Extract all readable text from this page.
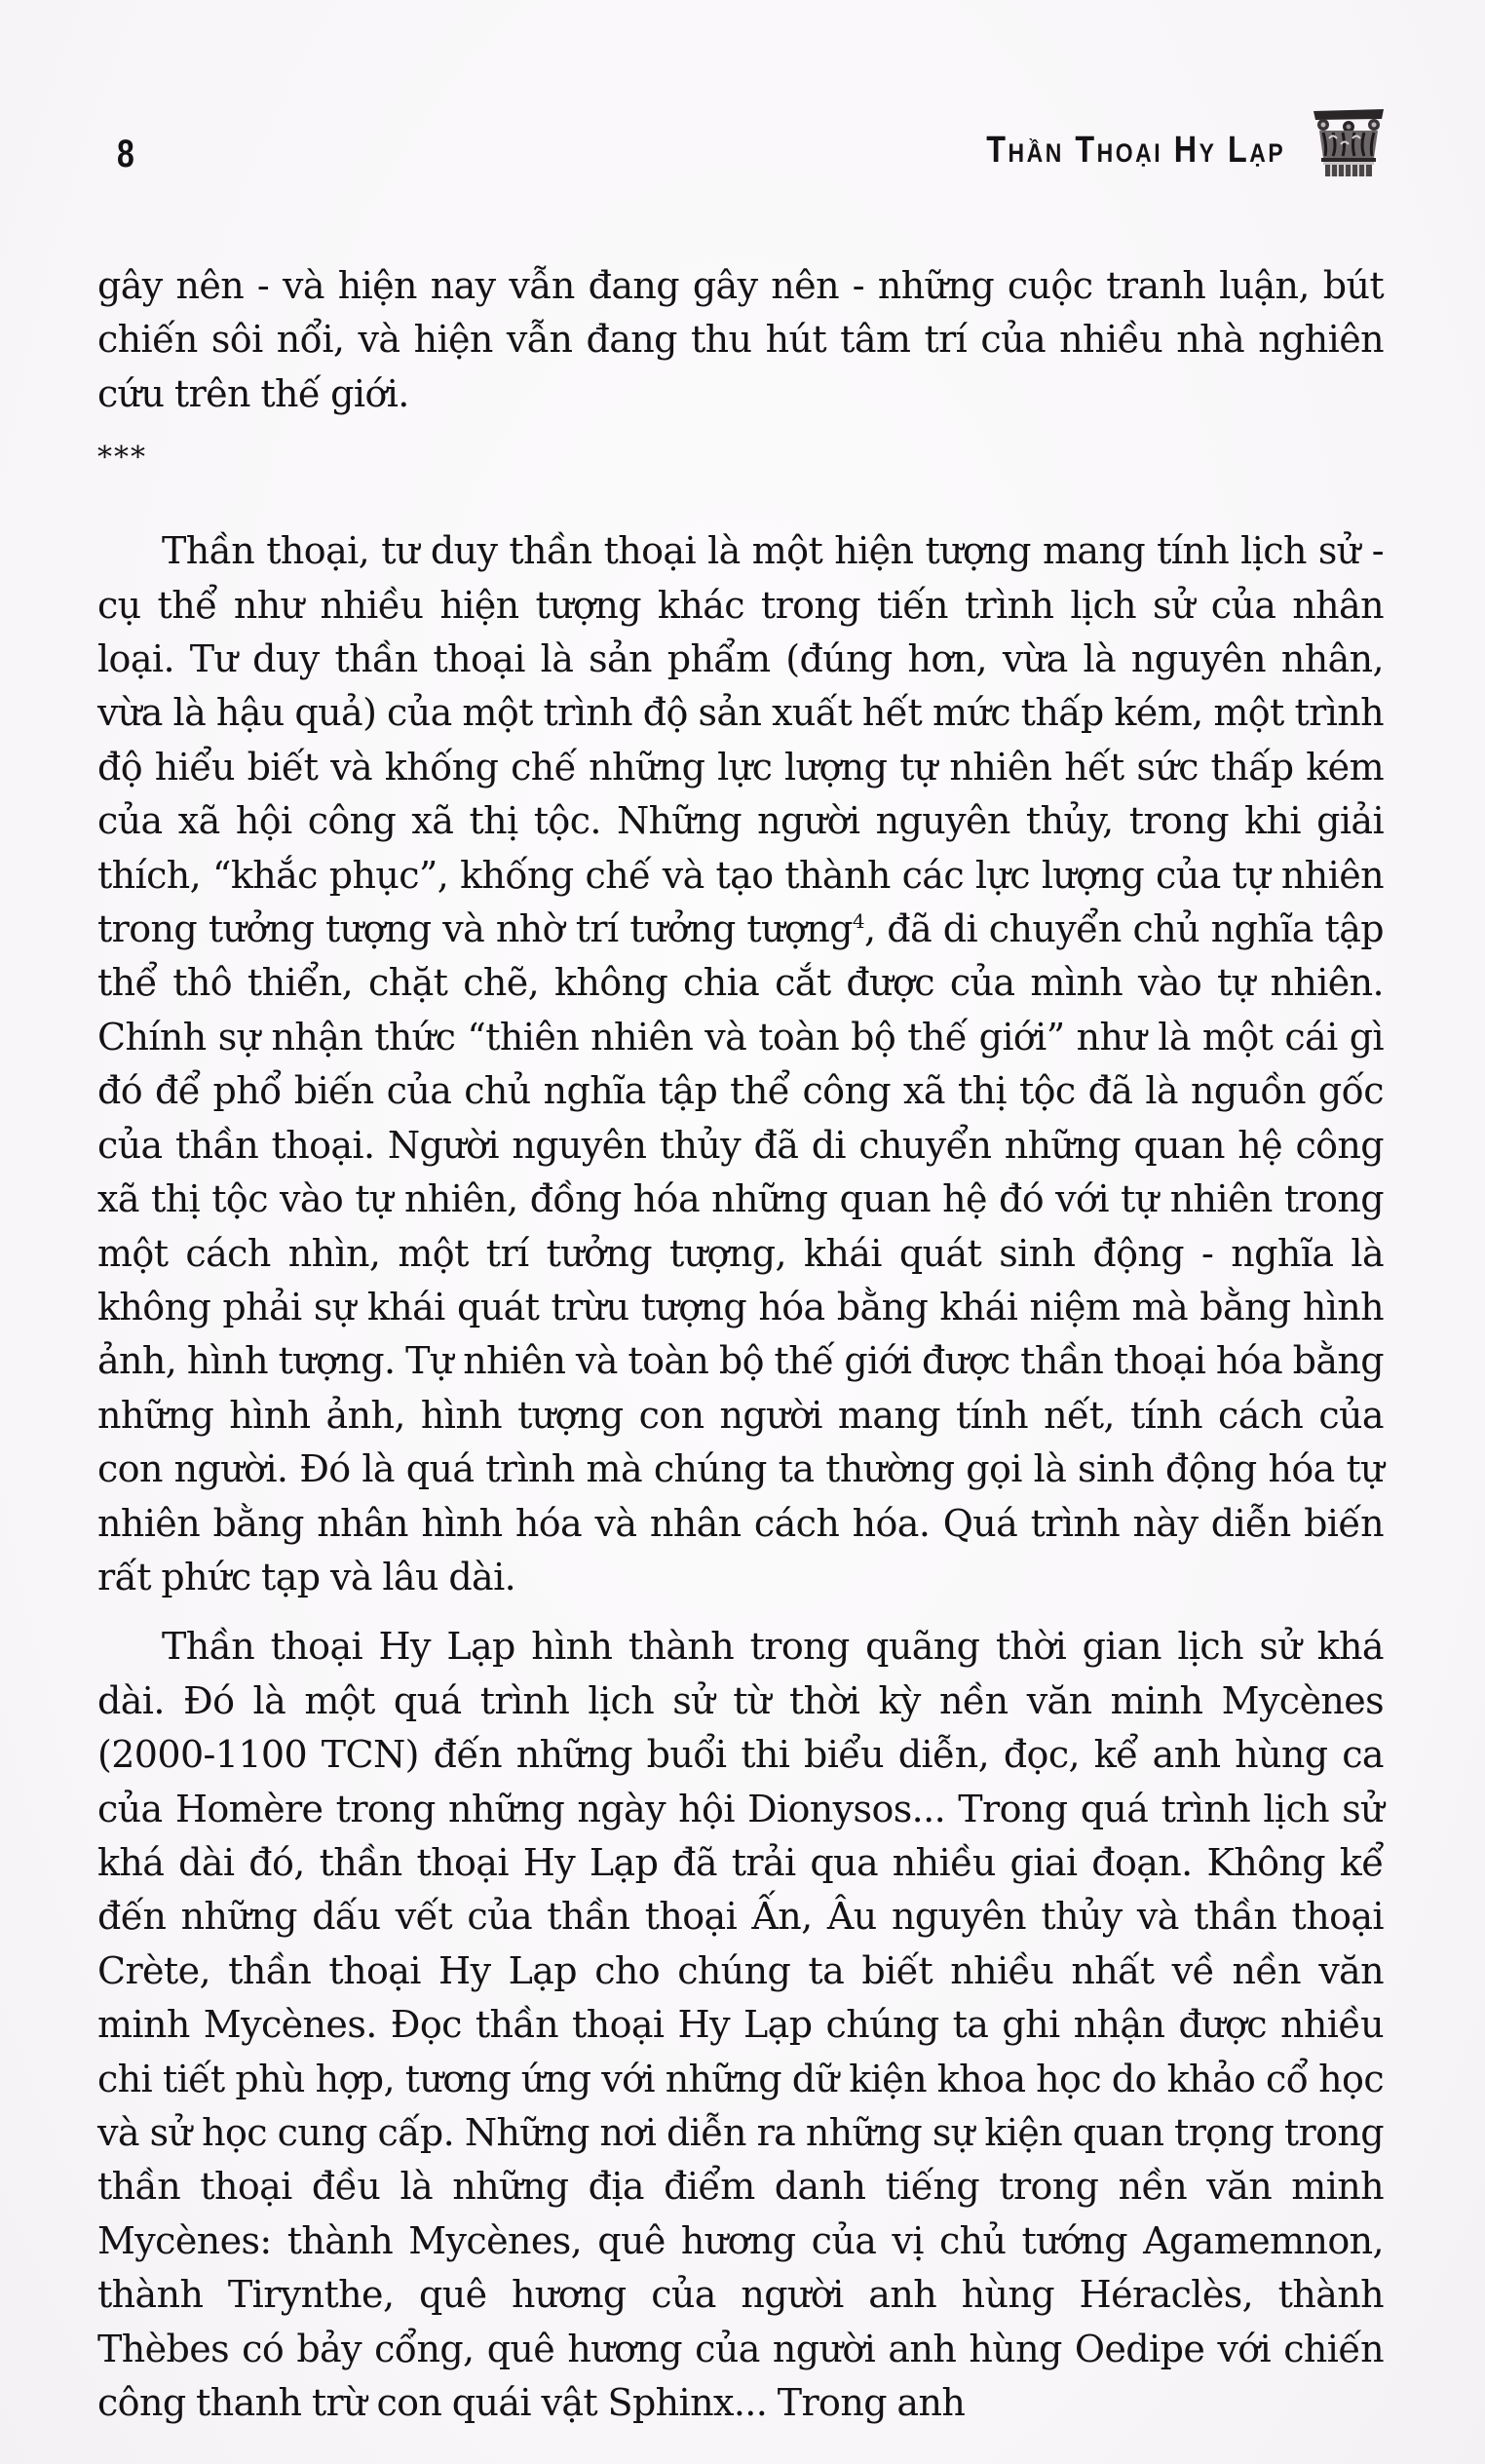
8	Thần Thoại Hy Lạp

gây nên - và hiện nay vẫn đang gây nên - những cuộc tranh luận, bút chiến sôi nổi, và hiện vẫn đang thu hút tâm trí của nhiều nhà nghiên cứu trên thế giới.

***

Thần thoại, tư duy thần thoại là một hiện tượng mang tính lịch sử - cụ thể như nhiều hiện tượng khác trong tiến trình lịch sử của nhân loại. Tư duy thần thoại là sản phẩm (đúng hơn, vừa là nguyên nhân, vừa là hậu quả) của một trình độ sản xuất hết mức thấp kém, một trình độ hiểu biết và khống chế những lực lượng tự nhiên hết sức thấp kém của xã hội công xã thị tộc. Những người nguyên thủy, trong khi giải thích, “khắc phục”, khống chế và tạo thành các lực lượng của tự nhiên trong tưởng tượng và nhờ trí tưởng tượng$^4$, đã di chuyển chủ nghĩa tập thể thô thiển, chặt chẽ, không chia cắt được của mình vào tự nhiên. Chính sự nhận thức “thiên nhiên và toàn bộ thế giới” như là một cái gì đó để phổ biến của chủ nghĩa tập thể công xã thị tộc đã là nguồn gốc của thần thoại. Người nguyên thủy đã di chuyển những quan hệ công xã thị tộc vào tự nhiên, đồng hóa những quan hệ đó với tự nhiên trong một cách nhìn, một trí tưởng tượng, khái quát sinh động - nghĩa là không phải sự khái quát trừu tượng hóa bằng khái niệm mà bằng hình ảnh, hình tượng. Tự nhiên và toàn bộ thế giới được thần thoại hóa bằng những hình ảnh, hình tượng con người mang tính nết, tính cách của con người. Đó là quá trình mà chúng ta thường gọi là sinh động hóa tự nhiên bằng nhân hình hóa và nhân cách hóa. Quá trình này diễn biến rất phức tạp và lâu dài.

Thần thoại Hy Lạp hình thành trong quãng thời gian lịch sử khá dài. Đó là một quá trình lịch sử từ thời kỳ nền văn minh Mycènes (2000-1100 TCN) đến những buổi thi biểu diễn, đọc, kể anh hùng ca của Homère trong những ngày hội Dionysos... Trong quá trình lịch sử khá dài đó, thần thoại Hy Lạp đã trải qua nhiều giai đoạn. Không kể đến những dấu vết của thần thoại Ấn, Âu nguyên thủy và thần thoại Crète, thần thoại Hy Lạp cho chúng ta biết nhiều nhất về nền văn minh Mycènes. Đọc thần thoại Hy Lạp chúng ta ghi nhận được nhiều chi tiết phù hợp, tương ứng với những dữ kiện khoa học do khảo cổ học và sử học cung cấp. Những nơi diễn ra những sự kiện quan trọng trong thần thoại đều là những địa điểm danh tiếng trong nền văn minh Mycènes: thành Mycènes, quê hương của vị chủ tướng Agamemnon, thành Tirynthe, quê hương của người anh hùng Héraclès, thành Thèbes có bảy cổng, quê hương của người anh hùng Oedipe với chiến công thanh trừ con quái vật Sphinx... Trong anh
